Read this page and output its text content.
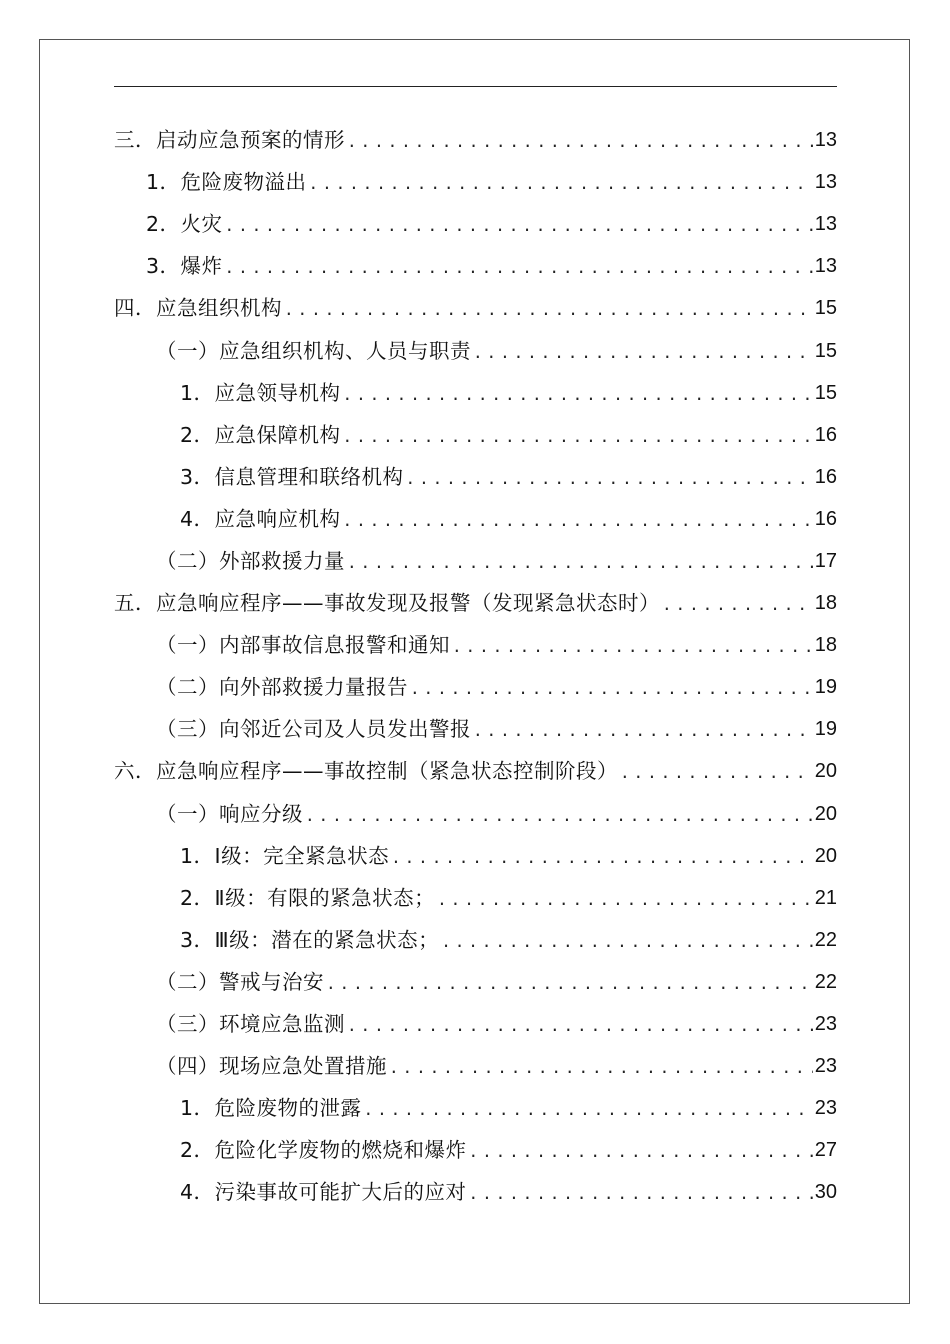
三．启动应急预案的情形 .....	13
1．危险废物溢出 .....	13
2．火灾 .....	13
3．爆炸 .....	13
四．应急组织机构 .....	15
（一）应急组织机构、人员与职责 .....	15
1．应急领导机构 .....	15
2．应急保障机构 .....	16
3．信息管理和联络机构 .....	16
4．应急响应机构 .....	16
（二）外部救援力量 .....	17
五．应急响应程序——事故发现及报警（发现紧急状态时） .....	18
（一）内部事故信息报警和通知 .....	18
（二）向外部救援力量报告 .....	19
（三）向邻近公司及人员发出警报 .....	19
六．应急响应程序——事故控制（紧急状态控制阶段） .....	20
（一）响应分级 .....	20
1．Ⅰ级：完全紧急状态 .....	20
2．Ⅱ级：有限的紧急状态； .....	21
3．Ⅲ级：潜在的紧急状态； .....	22
（二）警戒与治安 .....	22
（三）环境应急监测 .....	23
（四）现场应急处置措施 .....	23
1．危险废物的泄露 .....	23
2．危险化学废物的燃烧和爆炸 .....	27
4．污染事故可能扩大后的应对 .....	30
